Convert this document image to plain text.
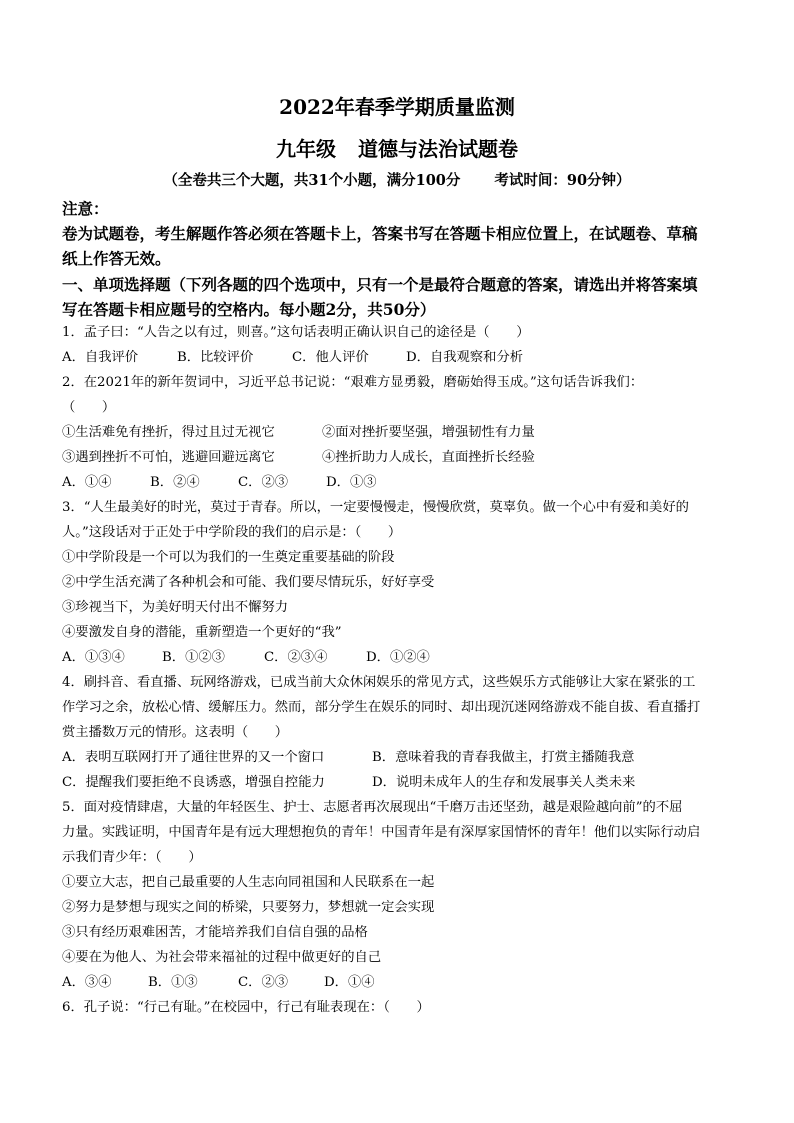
2022年春季学期质量监测
九年级 道德与法治试题卷
（全卷共三个大题，共31个小题，满分100分 考试时间：90分钟）
注意：
卷为试题卷，考生解题作答必须在答题卡上，答案书写在答题卡相应位置上，在试题卷、草稿
纸上作答无效。
一、单项选择题（下列各题的四个选项中，只有一个是最符合题意的答案，请选出并将答案填
写在答题卡相应题号的空格内。每小题2分，共50分）
1．孟子曰：“人告之以有过，则喜。”这句话表明正确认识自己的途径是（　　）
A．自我评价	B．比较评价	C．他人评价	D．自我观察和分析
2．在2021年的新年贺词中，习近平总书记说：“艰难方显勇毅，磨砺始得玉成。”这句话告诉我们：
（　　）
①生活难免有挫折，得过且过无视它	②面对挫折要坚强，增强韧性有力量
③遇到挫折不可怕，逃避回避远离它	④挫折助力人成长，直面挫折长经验
A．①④	B．②④	C．②③	D．①③
3．“人生最美好的时光，莫过于青春。所以，一定要慢慢走，慢慢欣赏，莫辜负。做一个心中有爱和美好的
人。”这段话对于正处于中学阶段的我们的启示是：（　　）
①中学阶段是一个可以为我们的一生奠定重要基础的阶段
②中学生活充满了各种机会和可能、我们要尽情玩乐，好好享受
③珍视当下，为美好明天付出不懈努力
④要激发自身的潜能，重新塑造一个更好的“我”
A．①③④	B．①②③	C．②③④	D．①②④
4．刷抖音、看直播、玩网络游戏，已成当前大众休闲娱乐的常见方式，这些娱乐方式能够让大家在紧张的工
作学习之余，放松心情、缓解压力。然而，部分学生在娱乐的同时、却出现沉迷网络游戏不能自拔、看直播打
赏主播数万元的情形。这表明（　　）
A．表明互联网打开了通往世界的又一个窗口	B．意味着我的青春我做主，打赏主播随我意
C．提醒我们要拒绝不良诱惑，增强自控能力	D．说明未成年人的生存和发展事关人类未来
5．面对疫情肆虐，大量的年轻医生、护士、志愿者再次展现出“千磨万击还坚劲，越是艰险越向前”的不屈
力量。实践证明，中国青年是有远大理想抱负的青年！中国青年是有深厚家国情怀的青年！他们以实际行动启
示我们青少年：（　　）
①要立大志，把自己最重要的人生志向同祖国和人民联系在一起
②努力是梦想与现实之间的桥梁，只要努力，梦想就一定会实现
③只有经历艰难困苦，才能培养我们自信自强的品格
④要在为他人、为社会带来福祉的过程中做更好的自己
A．③④	B．①③	C．②③	D．①④
6．孔子说：“行己有耻。”在校园中，行己有耻表现在：（　　）
